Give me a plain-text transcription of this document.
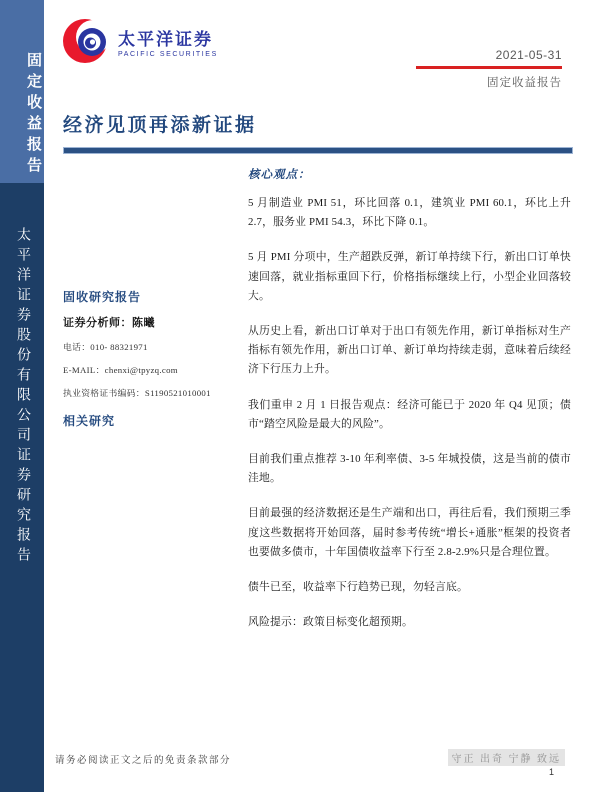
固定收益报告
太平洋证券股份有限公司证券研究报告
太平洋证券
PACIFIC SECURITIES	2021-05-31
固定收益报告
经济见顶再添新证据
固收研究报告
证券分析师：陈曦
电话：010- 88321971
E-MAIL：chenxi@tpyzq.com
执业资格证书编码：S1190521010001
相关研究
核心观点：

5 月制造业 PMI 51，环比回落 0.1，建筑业 PMI 60.1，环比上升 2.7，服务业 PMI 54.3，环比下降 0.1。

5 月 PMI 分项中，生产超跌反弹，新订单持续下行，新出口订单快速回落，就业指标重回下行，价格指标继续上行，小型企业回落较大。

从历史上看，新出口订单对于出口有领先作用，新订单指标对生产指标有领先作用，新出口订单、新订单均持续走弱，意味着后续经济下行压力上升。

我们重申 2 月 1 日报告观点：经济可能已于 2020 年 Q4 见顶；债市“踏空风险是最大的风险”。

目前我们重点推荐 3-10 年利率债、3-5 年城投债，这是当前的债市洼地。

目前最强的经济数据还是生产端和出口，再往后看，我们预期三季度这些数据将开始回落，届时参考传统“增长+通胀”框架的投资者也要做多债市，十年国债收益率下行至 2.8-2.9%只是合理位置。

债牛已至，收益率下行趋势已现，勿轻言底。

风险提示：政策目标变化超预期。

请务必阅读正文之后的免责条款部分	守正 出奇 宁静 致远
1
